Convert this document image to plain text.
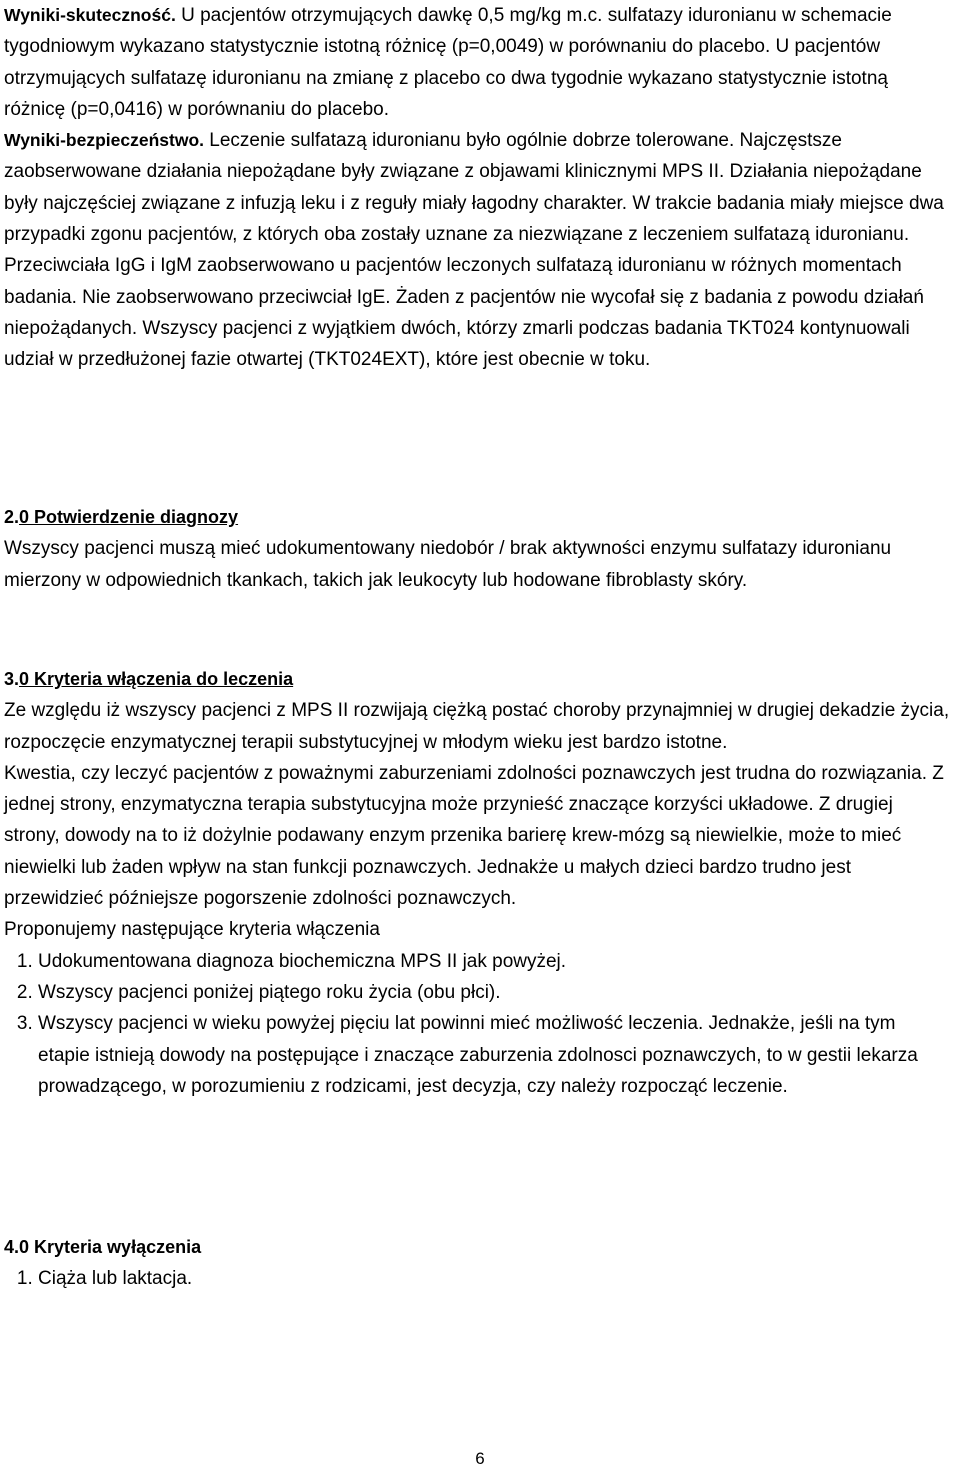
Wyniki-skuteczność. U pacjentów otrzymujących dawkę 0,5 mg/kg m.c. sulfatazy iduronianu w schemacie tygodniowym wykazano statystycznie istotną różnicę (p=0,0049) w porównaniu do placebo. U pacjentów otrzymujących sulfatazę iduronianu na zmianę z placebo co dwa tygodnie wykazano statystycznie istotną różnicę (p=0,0416) w porównaniu do placebo.

Wyniki-bezpieczeństwo. Leczenie sulfatazą iduronianu było ogólnie dobrze tolerowane. Najczęstsze zaobserwowane działania niepożądane były związane z objawami klinicznymi MPS II. Działania niepożądane były najczęściej związane z infuzją leku i z reguły miały łagodny charakter. W trakcie badania miały miejsce dwa przypadki zgonu pacjentów, z których oba zostały uznane za niezwiązane z leczeniem sulfatazą iduronianu. Przeciwciała IgG i IgM zaobserwowano u pacjentów leczonych sulfatazą iduronianu w różnych momentach badania. Nie zaobserwowano przeciwciał IgE. Żaden z pacjentów nie wycofał się z badania z powodu działań niepożądanych. Wszyscy pacjenci z wyjątkiem dwóch, którzy zmarli podczas badania TKT024 kontynuowali udział w przedłużonej fazie otwartej (TKT024EXT), które jest obecnie w toku.

2.0 Potwierdzenie diagnozy

Wszyscy pacjenci muszą mieć udokumentowany niedobór / brak aktywności enzymu sulfatazy iduronianu mierzony w odpowiednich tkankach, takich jak leukocyty lub hodowane fibroblasty skóry.

3.0 Kryteria włączenia do leczenia

Ze względu iż wszyscy pacjenci z MPS II rozwijają ciężką postać choroby przynajmniej w drugiej dekadzie życia, rozpoczęcie enzymatycznej terapii substytucyjnej w młodym wieku jest bardzo istotne.

Kwestia, czy leczyć pacjentów z poważnymi zaburzeniami zdolności poznawczych jest trudna do rozwiązania. Z jednej strony, enzymatyczna terapia substytucyjna może przynieść znaczące korzyści układowe. Z drugiej strony, dowody na to iż dożylnie podawany enzym przenika barierę krew-mózg są niewielkie, może to mieć niewielki lub żaden wpływ na stan funkcji poznawczych. Jednakże u małych dzieci bardzo trudno jest przewidzieć późniejsze pogorszenie zdolności poznawczych.

Proponujemy następujące kryteria włączenia

1. Udokumentowana diagnoza biochemiczna MPS II jak powyżej.
2. Wszyscy pacjenci poniżej piątego roku życia (obu płci).
3. Wszyscy pacjenci w wieku powyżej pięciu lat powinni mieć możliwość leczenia. Jednakże, jeśli na tym etapie istnieją dowody na postępujące i znaczące zaburzenia zdolnosci poznawczych, to w gestii lekarza prowadzącego, w porozumieniu z rodzicami, jest decyzja, czy należy rozpocząć leczenie.

4.0 Kryteria wyłączenia

1. Ciąża lub laktacja.
6
